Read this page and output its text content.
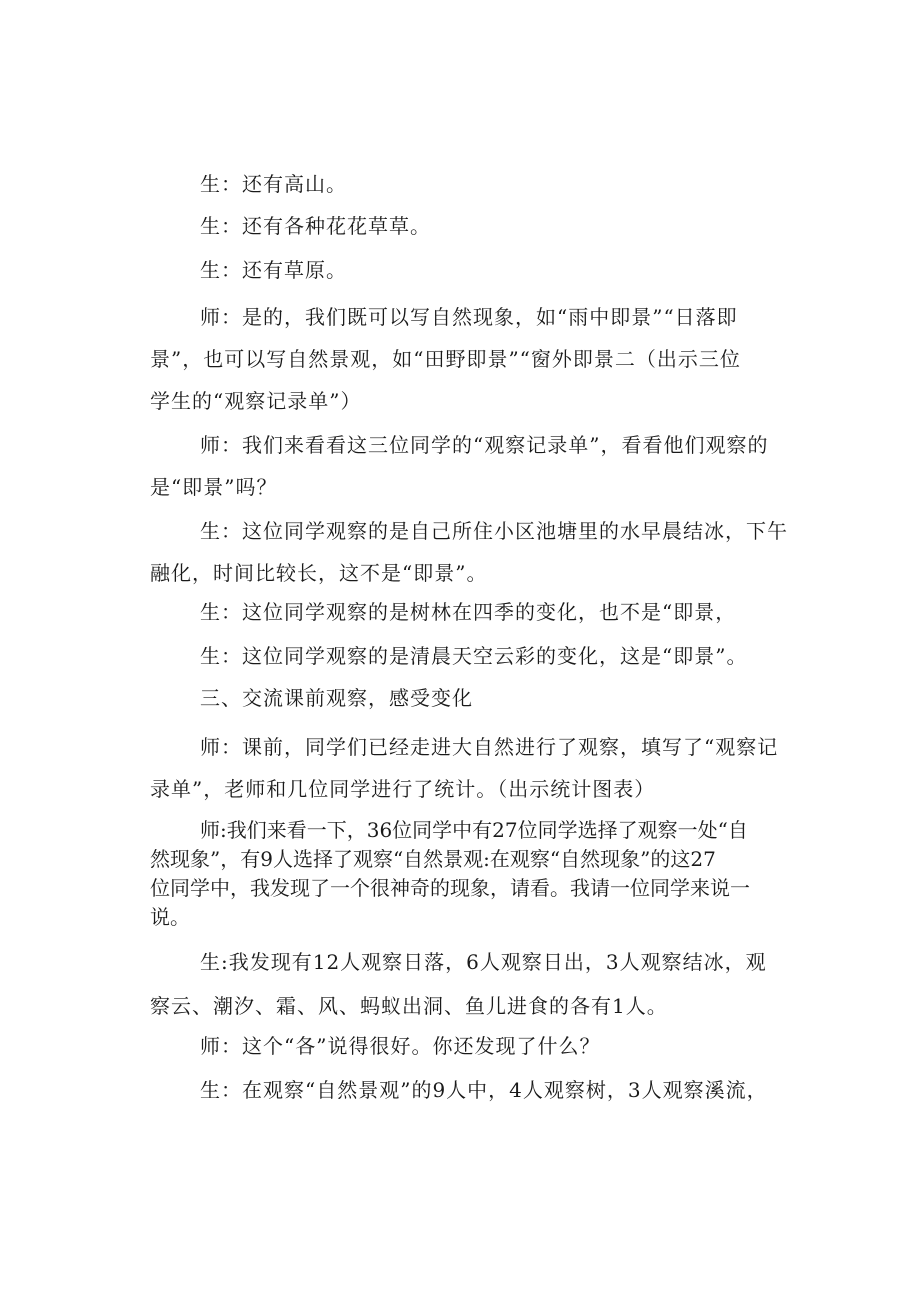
生：还有高山。
生：还有各种花花草草。
生：还有草原。
师：是的，我们既可以写自然现象，如“雨中即景”“日落即
景”，也可以写自然景观，如“田野即景”“窗外即景二（出示三位
学生的“观察记录单”）
师：我们来看看这三位同学的“观察记录单”，看看他们观察的
是“即景”吗？
生：这位同学观察的是自己所住小区池塘里的水早晨结冰，下午
融化，时间比较长，这不是“即景”。
生：这位同学观察的是树林在四季的变化，也不是“即景，
生：这位同学观察的是清晨天空云彩的变化，这是“即景”。
三、交流课前观察，感受变化
师：课前，同学们已经走进大自然进行了观察，填写了“观察记
录单”，老师和几位同学进行了统计。（出示统计图表）
师:我们来看一下，36位同学中有27位同学选择了观察一处“自
然现象”，有9人选择了观察“自然景观:在观察“自然现象”的这27
位同学中，我发现了一个很神奇的现象，请看。我请一位同学来说一
说。
生:我发现有12人观察日落，6人观察日出，3人观察结冰，观
察云、潮汐、霜、风、蚂蚁出洞、鱼儿进食的各有1人。
师：这个“各”说得很好。你还发现了什么？
生：在观察“自然景观”的9人中，4人观察树，3人观察溪流，
